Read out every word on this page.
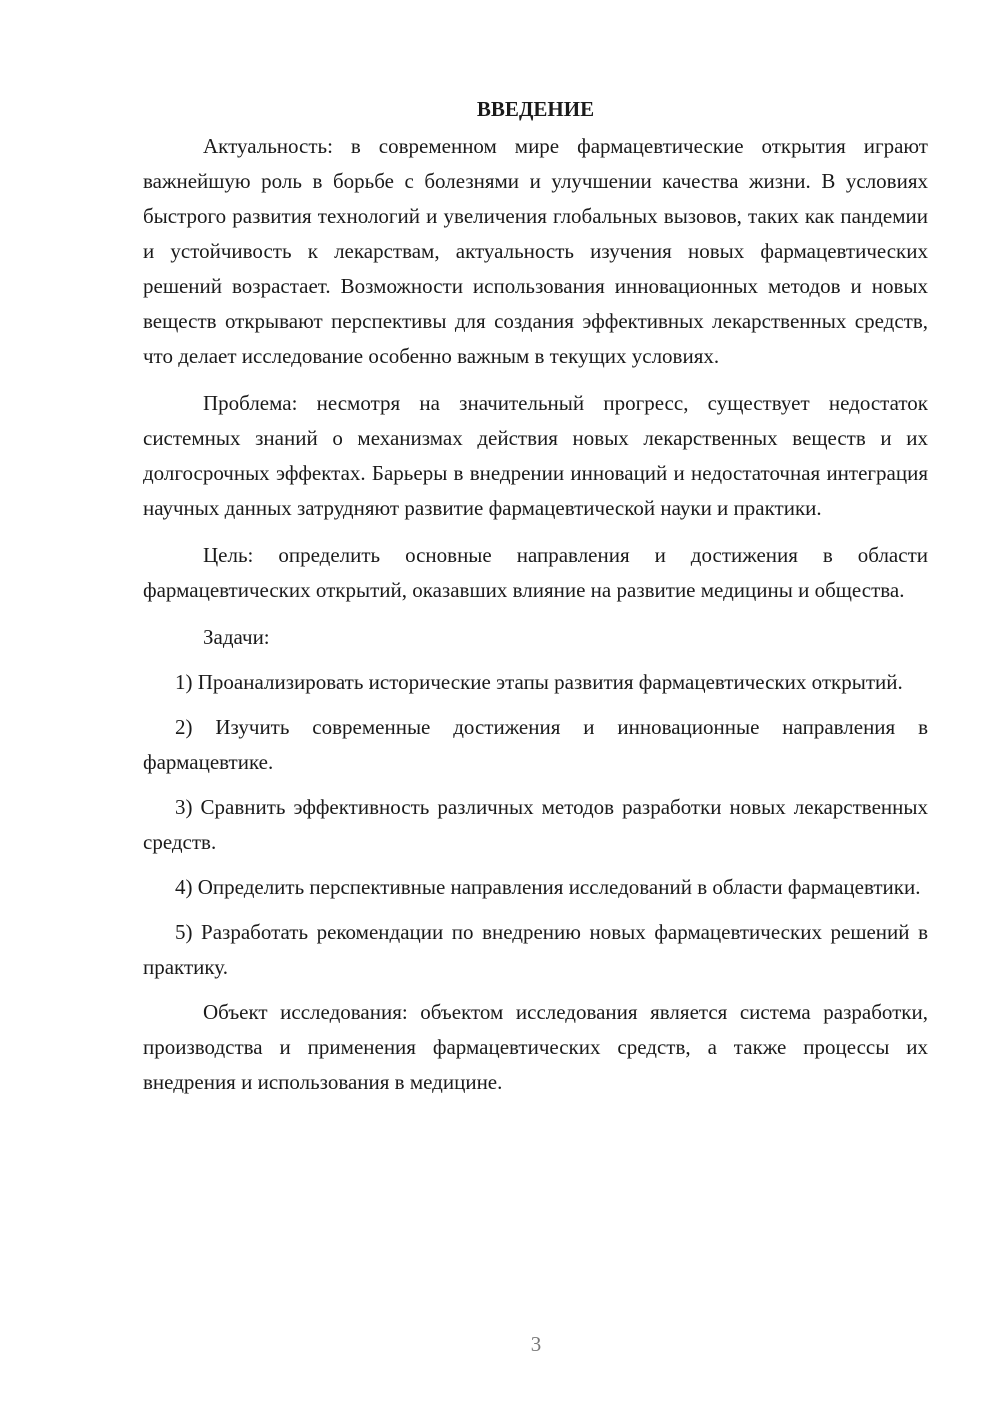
ВВЕДЕНИЕ

Актуальность: в современном мире фармацевтические открытия играют важнейшую роль в борьбе с болезнями и улучшении качества жизни. В условиях быстрого развития технологий и увеличения глобальных вызовов, таких как пандемии и устойчивость к лекарствам, актуальность изучения новых фармацевтических решений возрастает. Возможности использования инновационных методов и новых веществ открывают перспективы для создания эффективных лекарственных средств, что делает исследование особенно важным в текущих условиях.

Проблема: несмотря на значительный прогресс, существует недостаток системных знаний о механизмах действия новых лекарственных веществ и их долгосрочных эффектах. Барьеры в внедрении инноваций и недостаточная интеграция научных данных затрудняют развитие фармацевтической науки и практики.

Цель: определить основные направления и достижения в области фармацевтических открытий, оказавших влияние на развитие медицины и общества.

Задачи:

1) Проанализировать исторические этапы развития фармацевтических открытий.

2) Изучить современные достижения и инновационные направления в фармацевтике.

3) Сравнить эффективность различных методов разработки новых лекарственных средств.

4) Определить перспективные направления исследований в области фармацевтики.

5) Разработать рекомендации по внедрению новых фармацевтических решений в практику.

Объект исследования: объектом исследования является система разработки, производства и применения фармацевтических средств, а также процессы их внедрения и использования в медицине.

3
